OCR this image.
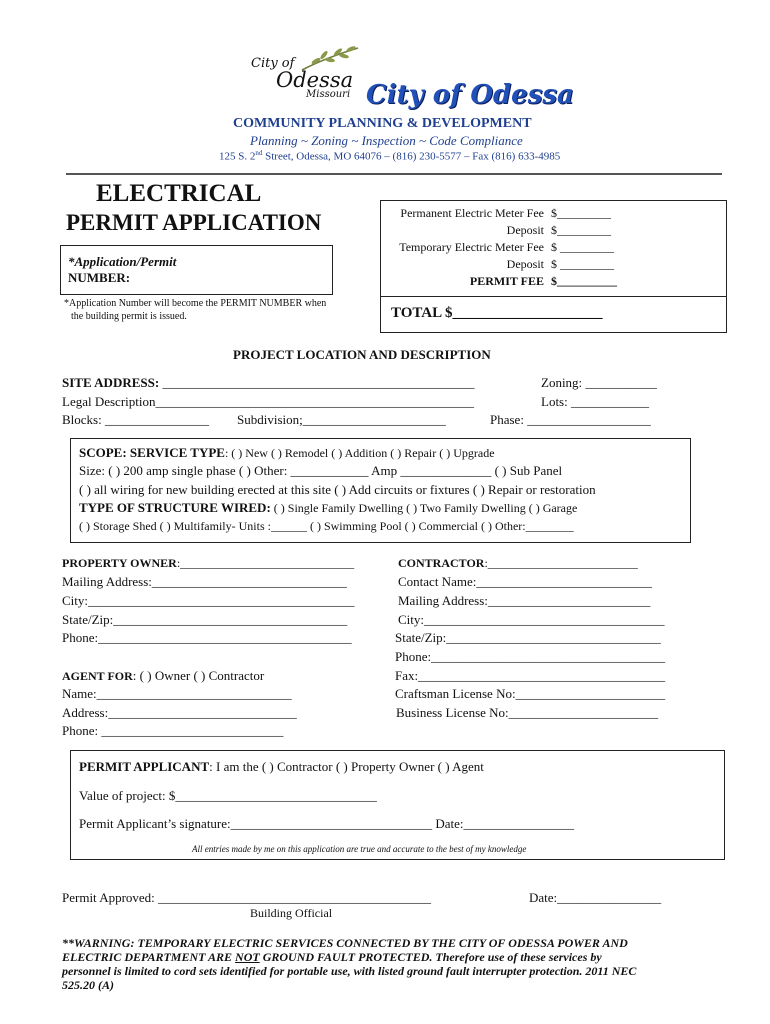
City of
Odessa
Missouri City of Odessa
COMMUNITY PLANNING & DEVELOPMENT
Planning ~ Zoning ~ Inspection ~ Code Compliance
125 S. 2nd Street, Odessa, MO 64076 – (816) 230-5577 – Fax (816) 633-4985
ELECTRICAL
PERMIT APPLICATION
*Application/Permit
NUMBER:
*Application Number will become the PERMIT NUMBER when
the building permit is issued.
Permanent Electric Meter Fee $_________
Deposit $_________
Temporary Electric Meter Fee $ _________
Deposit $ _________
PERMIT FEE $__________
TOTAL $____________________
PROJECT LOCATION AND DESCRIPTION
SITE ADDRESS: ________________________________________________	Zoning: ___________
Legal Description_________________________________________________	Lots: ____________
Blocks: ________________ Subdivision;______________________	Phase: ___________________
SCOPE: SERVICE TYPE: ( ) New ( ) Remodel ( ) Addition ( ) Repair ( ) Upgrade
Size: ( ) 200 amp single phase ( ) Other: ____________ Amp ______________ ( ) Sub Panel
( ) all wiring for new building erected at this site ( ) Add circuits or fixtures ( ) Repair or restoration
TYPE OF STRUCTURE WIRED: ( ) Single Family Dwelling ( ) Two Family Dwelling ( ) Garage
( ) Storage Shed ( ) Multifamily- Units :______ ( ) Swimming Pool ( ) Commercial ( ) Other:________
PROPERTY OWNER:_____________________________
Mailing Address:______________________________
City:_________________________________________
State/Zip:____________________________________
Phone:_______________________________________
CONTRACTOR:_________________________
Contact Name:___________________________
Mailing Address:_________________________
City:_____________________________________
State/Zip:_________________________________
Phone:____________________________________
Fax:______________________________________
Craftsman License No:_______________________
Business License No:_______________________
AGENT FOR: ( ) Owner ( ) Contractor
Name:______________________________
Address:_____________________________
Phone: ____________________________
PERMIT APPLICANT: I am the ( ) Contractor ( ) Property Owner ( ) Agent
Value of project: $_______________________________
Permit Applicant’s signature:_______________________________ Date:_________________
All entries made by me on this application are true and accurate to the best of my knowledge
Permit Approved: __________________________________________	Date:________________
Building Official
**WARNING: TEMPORARY ELECTRIC SERVICES CONNECTED BY THE CITY OF ODESSA POWER AND
ELECTRIC DEPARTMENT ARE NOT GROUND FAULT PROTECTED. Therefore use of these services by
personnel is limited to cord sets identified for portable use, with listed ground fault interrupter protection. 2011 NEC
525.20 (A)
